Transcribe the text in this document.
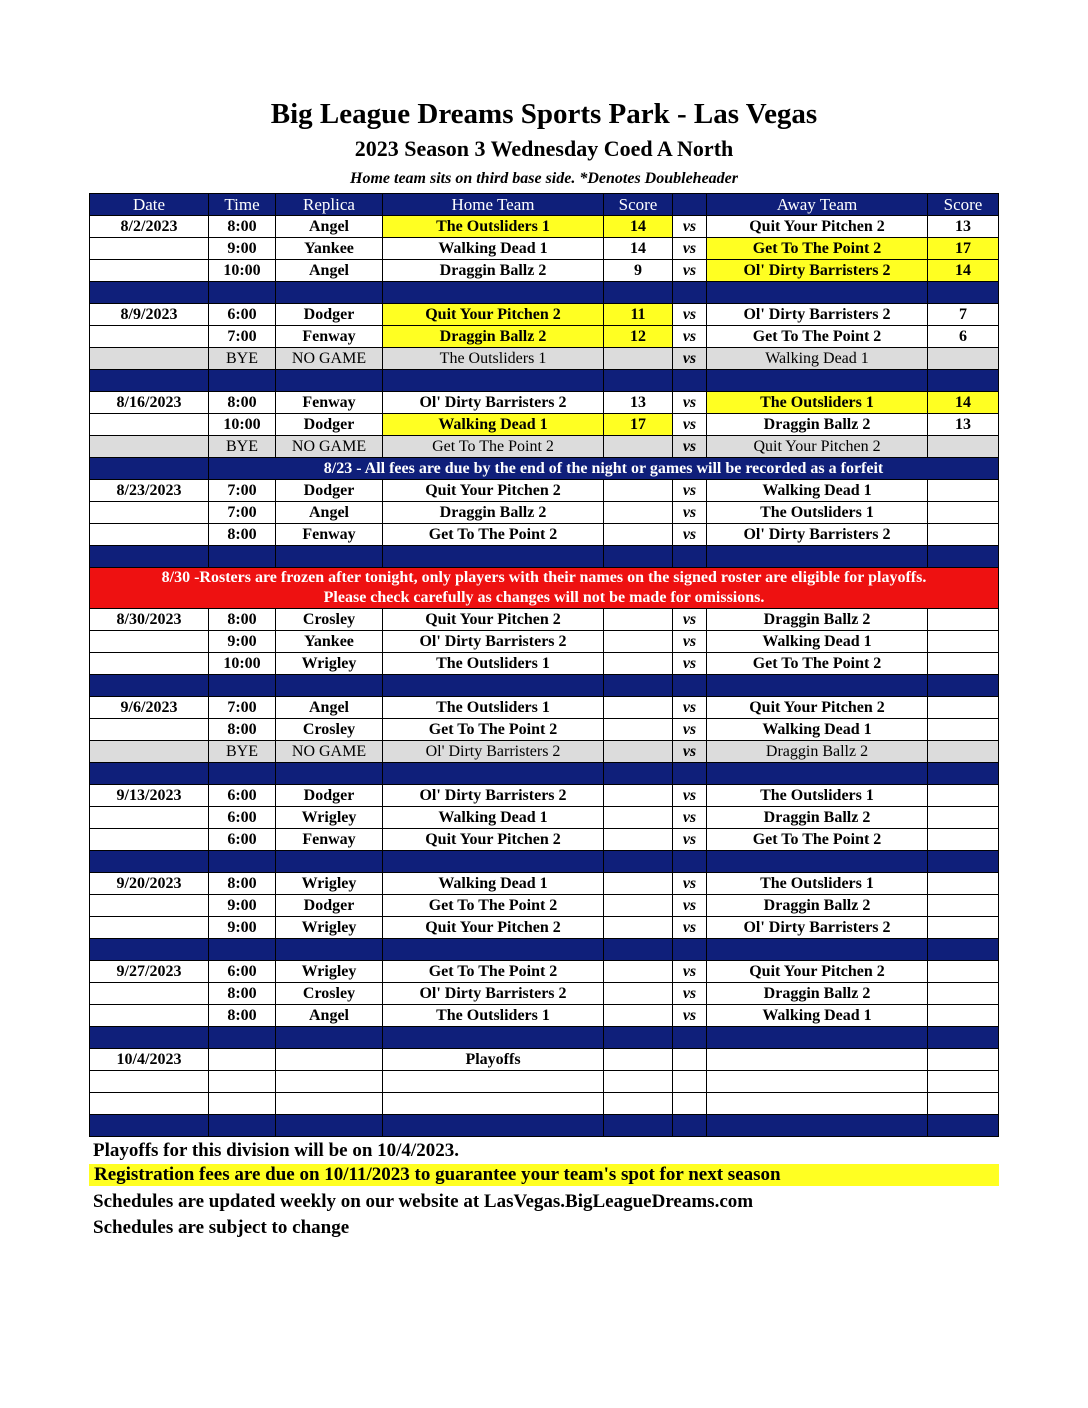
Big League Dreams Sports Park - Las Vegas
2023 Season 3 Wednesday Coed A North
Home team sits on third base side. *Denotes Doubleheader
Date	Time	Replica	Home Team	Score		Away Team	Score
8/2/2023	8:00	Angel	The Outsliders 1	14	vs	Quit Your Pitchen 2	13
	9:00	Yankee	Walking Dead 1	14	vs	Get To The Point 2	17
	10:00	Angel	Draggin Ballz 2	9	vs	Ol' Dirty Barristers 2	14

8/9/2023	6:00	Dodger	Quit Your Pitchen 2	11	vs	Ol' Dirty Barristers 2	7
	7:00	Fenway	Draggin Ballz 2	12	vs	Get To The Point 2	6
	BYE	NO GAME	The Outsliders 1		vs	Walking Dead 1	

8/16/2023	8:00	Fenway	Ol' Dirty Barristers 2	13	vs	The Outsliders 1	14
	10:00	Dodger	Walking Dead 1	17	vs	Draggin Ballz 2	13
	BYE	NO GAME	Get To The Point 2		vs	Quit Your Pitchen 2	
	8/23 - All fees are due by the end of the night or games will be recorded as a forfeit						
8/23/2023	7:00	Dodger	Quit Your Pitchen 2		vs	Walking Dead 1	
	7:00	Angel	Draggin Ballz 2		vs	The Outsliders 1	
	8:00	Fenway	Get To The Point 2		vs	Ol' Dirty Barristers 2	

8/30 -Rosters are frozen after tonight, only players with their names on the signed roster are eligible for playoffs.
Please check carefully as changes will not be made for omissions.							

8/30/2023	8:00	Crosley	Quit Your Pitchen 2		vs	Draggin Ballz 2	
	9:00	Yankee	Ol' Dirty Barristers 2		vs	Walking Dead 1	
	10:00	Wrigley	The Outsliders 1		vs	Get To The Point 2	

9/6/2023	7:00	Angel	The Outsliders 1		vs	Quit Your Pitchen 2	
	8:00	Crosley	Get To The Point 2		vs	Walking Dead 1	
	BYE	NO GAME	Ol' Dirty Barristers 2		vs	Draggin Ballz 2	

9/13/2023	6:00	Dodger	Ol' Dirty Barristers 2		vs	The Outsliders 1	
	6:00	Wrigley	Walking Dead 1		vs	Draggin Ballz 2	
	6:00	Fenway	Quit Your Pitchen 2		vs	Get To The Point 2	

9/20/2023	8:00	Wrigley	Walking Dead 1		vs	The Outsliders 1	
	9:00	Dodger	Get To The Point 2		vs	Draggin Ballz 2	
	9:00	Wrigley	Quit Your Pitchen 2		vs	Ol' Dirty Barristers 2	

9/27/2023	6:00	Wrigley	Get To The Point 2		vs	Quit Your Pitchen 2	
	8:00	Crosley	Ol' Dirty Barristers 2		vs	Draggin Ballz 2	
	8:00	Angel	The Outsliders 1		vs	Walking Dead 1	

10/4/2023			Playoffs				

Playoffs for this division will be on 10/4/2023.
Registration fees are due on 10/11/2023 to guarantee your team's spot for next season
Schedules are updated weekly on our website at LasVegas.BigLeagueDreams.com
Schedules are subject to change
